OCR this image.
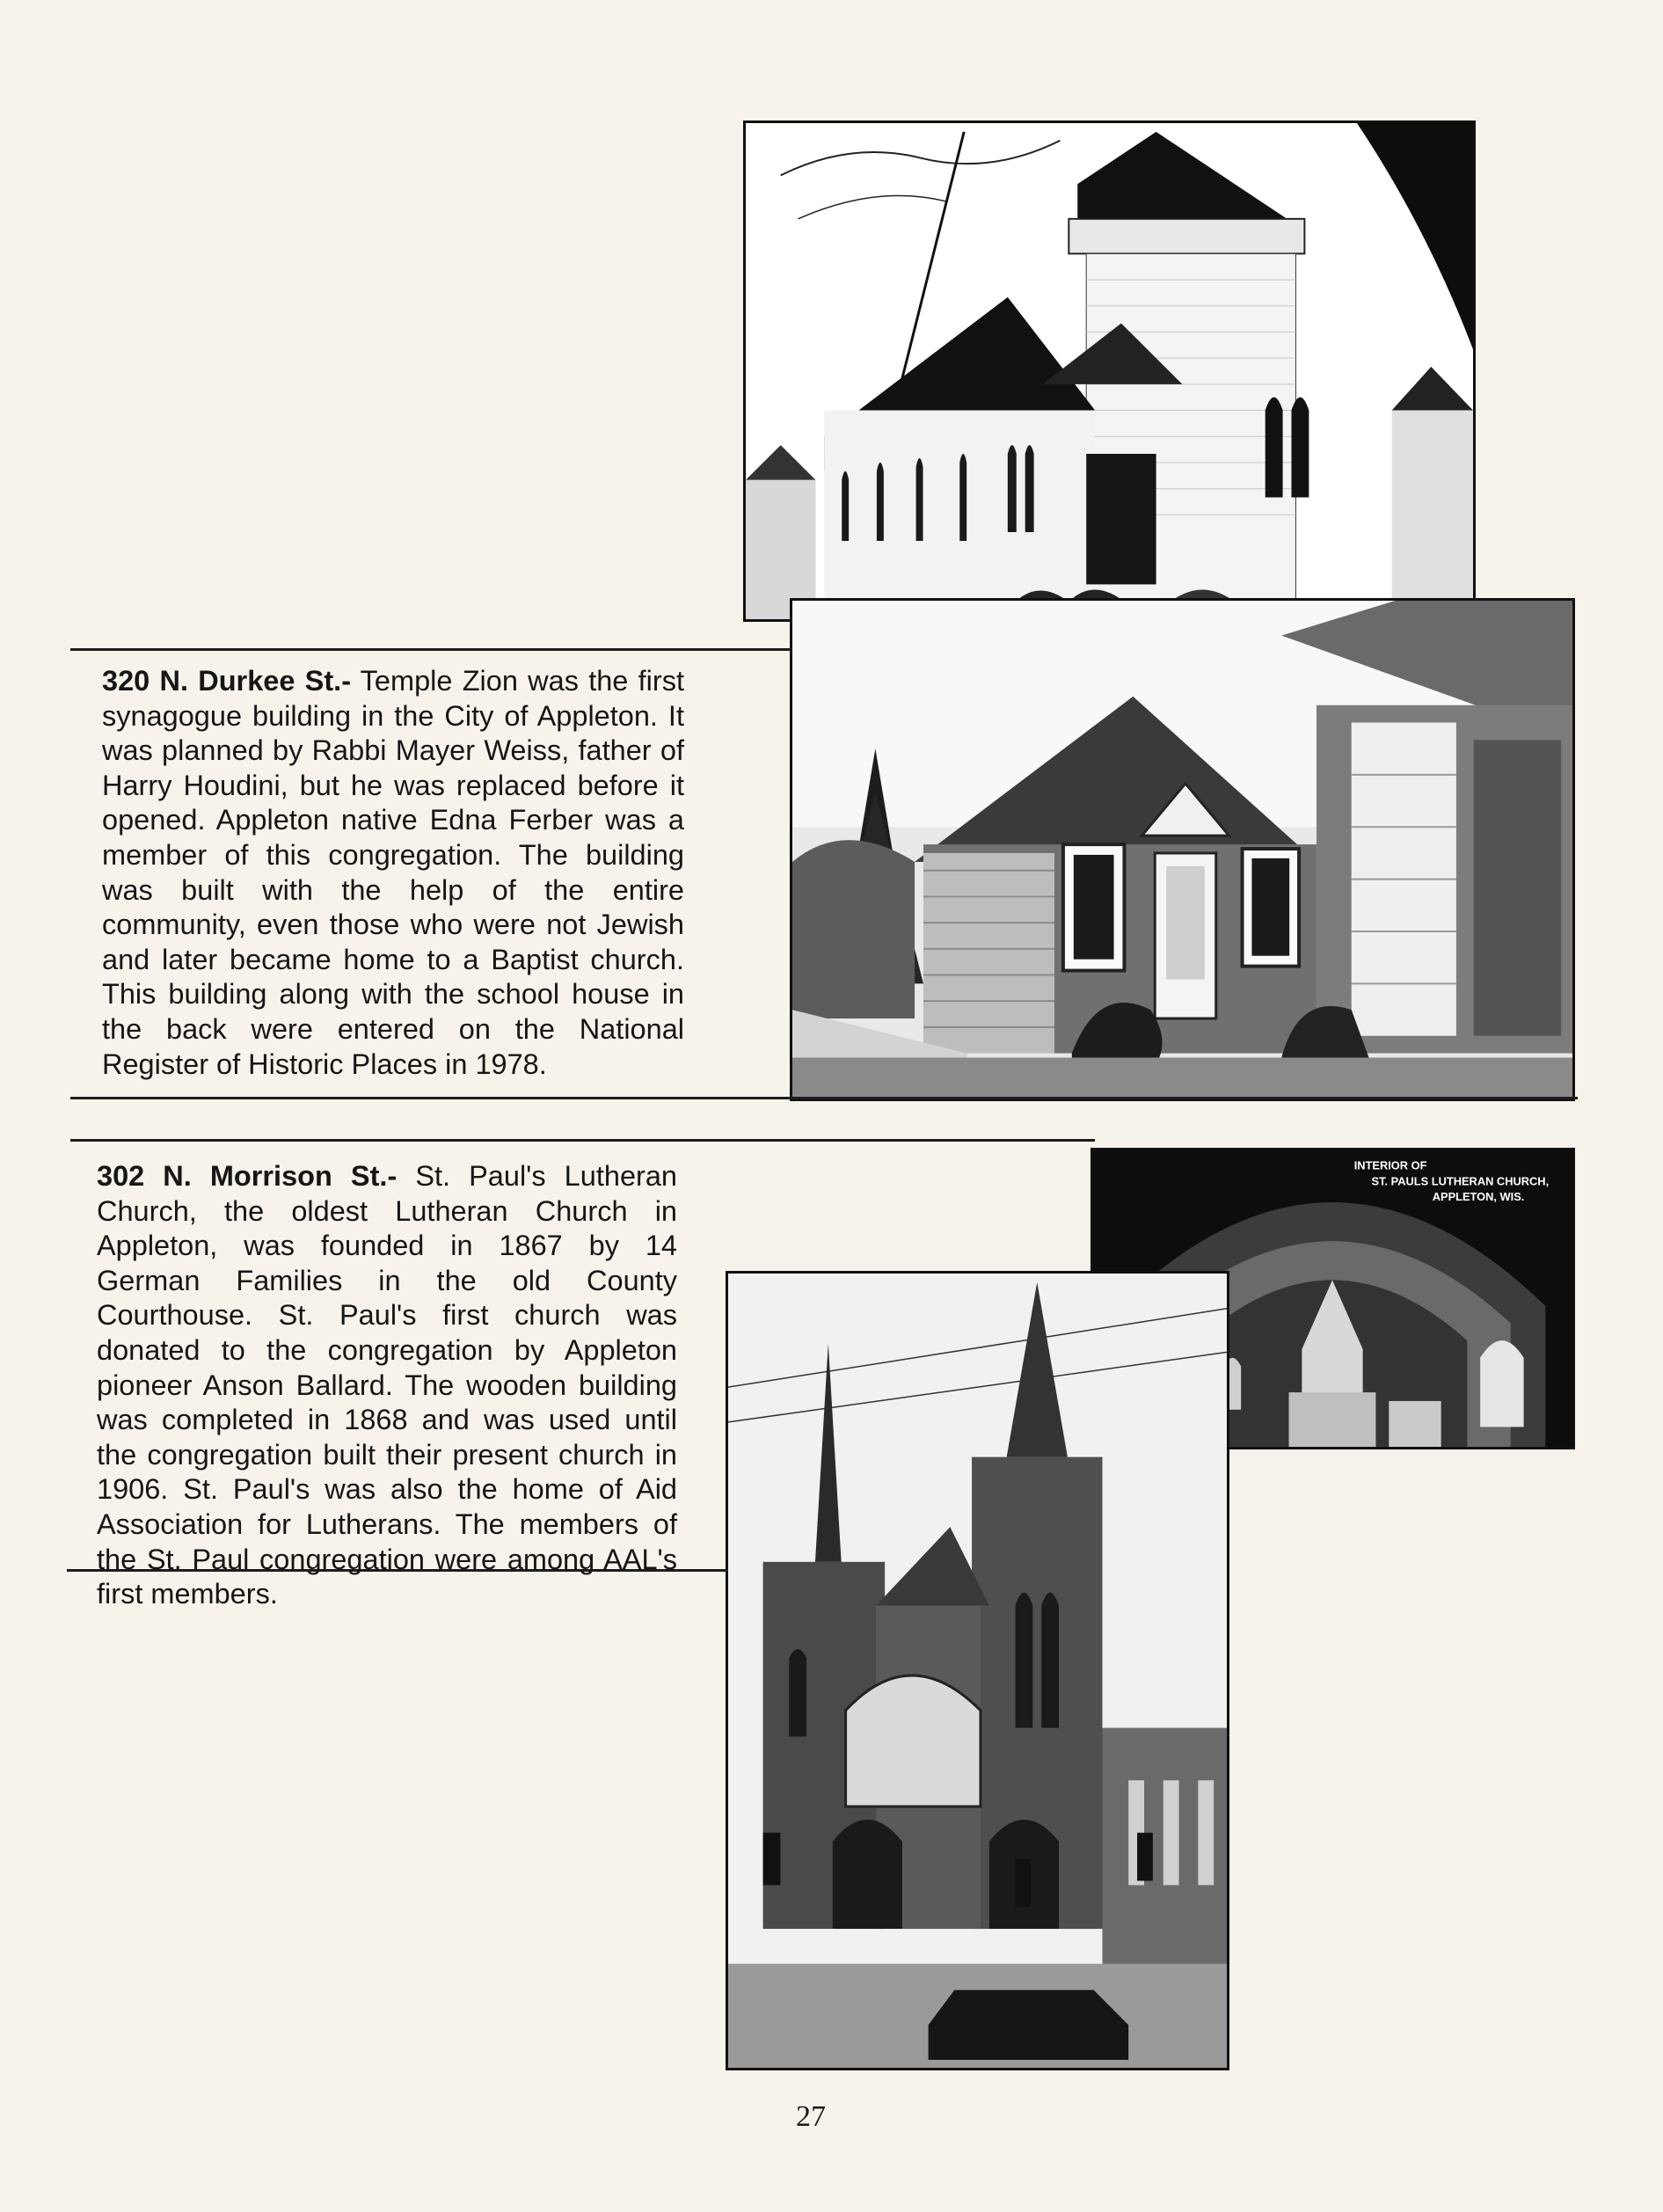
INTERIOR OF
ST. PAULS LUTHERAN CHURCH,
APPLETON, WIS.
320 N. Durkee St.- Temple Zion was the first synagogue building in the City of Appleton. It was planned by Rabbi Mayer Weiss, father of Harry Houdini, but he was replaced before it opened. Appleton native Edna Ferber was a member of this congregation. The building was built with the help of the entire community, even those who were not Jewish and later became home to a Baptist church. This building along with the school house in the back were entered on the National Register of Historic Places in 1978.
302 N. Morrison St.- St. Paul's Lutheran Church, the oldest Lutheran Church in Appleton, was founded in 1867 by 14 German Families in the old County Courthouse. St. Paul's first church was donated to the congregation by Appleton pioneer Anson Ballard. The wooden building was completed in 1868 and was used until the congregation built their present church in 1906. St. Paul's was also the home of Aid Association for Lutherans. The members of the St. Paul congregation were among AAL's first members.
27
